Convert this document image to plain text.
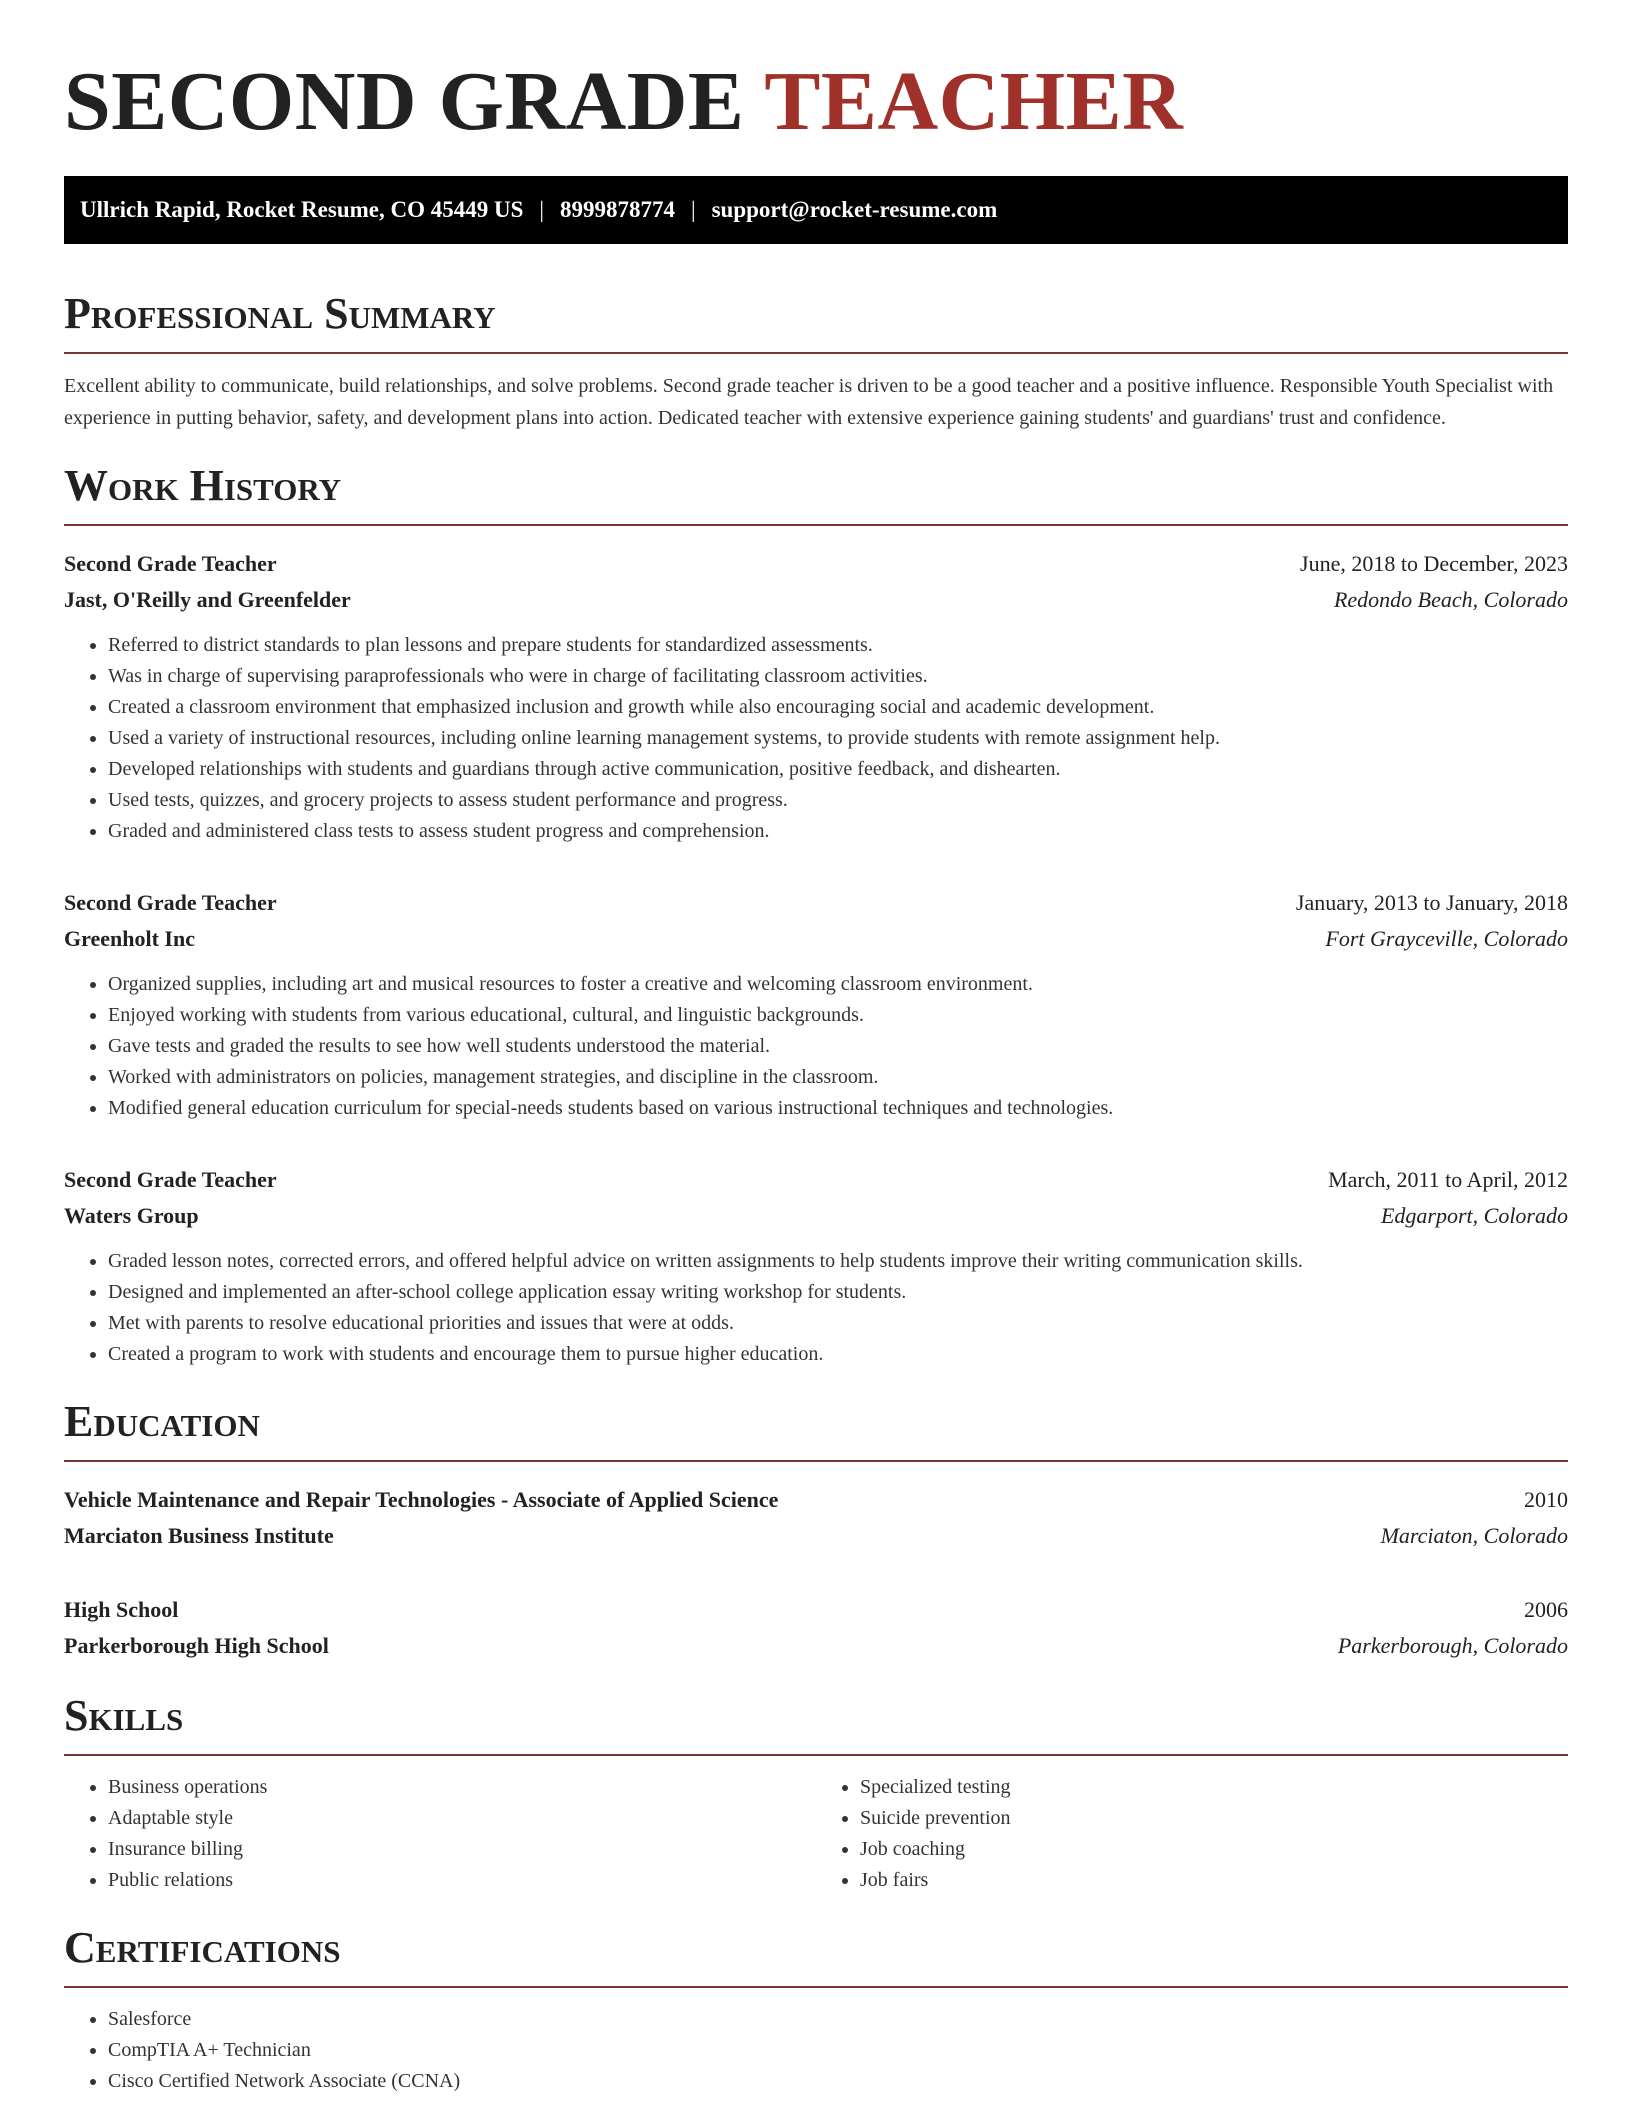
SECOND GRADE TEACHER
Ullrich Rapid, Rocket Resume, CO 45449 US | 8999878774 | support@rocket-resume.com
Professional Summary

Excellent ability to communicate, build relationships, and solve problems. Second grade teacher is driven to be a good teacher and a positive influence. Responsible Youth Specialist with experience in putting behavior, safety, and development plans into action. Dedicated teacher with extensive experience gaining students' and guardians' trust and confidence.

Work History
Second Grade Teacher	June, 2018 to December, 2023
Jast, O'Reilly and Greenfelder	Redondo Beach, Colorado
• Referred to district standards to plan lessons and prepare students for standardized assessments.
• Was in charge of supervising paraprofessionals who were in charge of facilitating classroom activities.
• Created a classroom environment that emphasized inclusion and growth while also encouraging social and academic development.
• Used a variety of instructional resources, including online learning management systems, to provide students with remote assignment help.
• Developed relationships with students and guardians through active communication, positive feedback, and dishearten.
• Used tests, quizzes, and grocery projects to assess student performance and progress.
• Graded and administered class tests to assess student progress and comprehension.
Second Grade Teacher	January, 2013 to January, 2018
Greenholt Inc	Fort Grayceville, Colorado
• Organized supplies, including art and musical resources to foster a creative and welcoming classroom environment.
• Enjoyed working with students from various educational, cultural, and linguistic backgrounds.
• Gave tests and graded the results to see how well students understood the material.
• Worked with administrators on policies, management strategies, and discipline in the classroom.
• Modified general education curriculum for special-needs students based on various instructional techniques and technologies.
Second Grade Teacher	March, 2011 to April, 2012
Waters Group	Edgarport, Colorado
• Graded lesson notes, corrected errors, and offered helpful advice on written assignments to help students improve their writing communication skills.
• Designed and implemented an after-school college application essay writing workshop for students.
• Met with parents to resolve educational priorities and issues that were at odds.
• Created a program to work with students and encourage them to pursue higher education.
Education
Vehicle Maintenance and Repair Technologies - Associate of Applied Science	2010
Marciaton Business Institute	Marciaton, Colorado
High School	2006
Parkerborough High School	Parkerborough, Colorado
Skills
• Business operations
• Adaptable style
• Insurance billing
• Public relations
• Specialized testing
• Suicide prevention
• Job coaching
• Job fairs
Certifications
• Salesforce
• CompTIA A+ Technician
• Cisco Certified Network Associate (CCNA)
